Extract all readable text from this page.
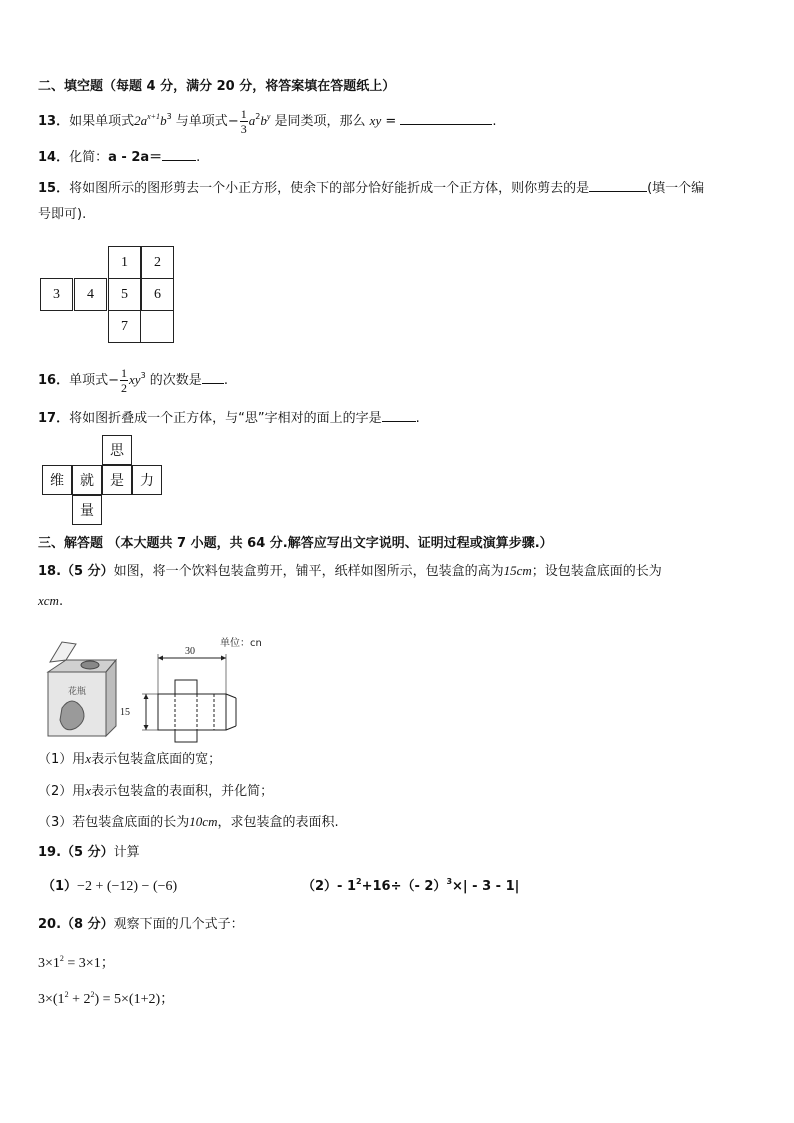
二、填空题（每题 4 分，满分 20 分，将答案填在答题纸上）
13．如果单项式$2a^{x+1}b^3$ 与单项式− $\frac{1}{3} a^2b^y$ 是同类项，那么 xy =	.
14．化简：a - 2a＝	.
15．将如图所示的图形剪去一个小正方形，使余下的部分恰好能折成一个正方体，则你剪去的是	(填一个编
号即可).
1	2
3	4	5	6
7
16．单项式− $\frac{1}{2} xy^3$ 的次数是 .
17．将如图折叠成一个正方体，与“思”字相对的面上的字是	.
思
维	就	是	力
量
三、解答题 （本大题共 7 小题，共 64 分.解答应写出文字说明、证明过程或演算步骤.）
18.（5 分）如图，将一个饮料包装盒剪开，铺平，纸样如图所示，包装盒的高为15cm；设包装盒底面的长为
xcm.
花瓶
单位：cn
30
15
（1）用x表示包装盒底面的宽；
（2）用x表示包装盒的表面积，并化简；
（3）若包装盒底面的长为10cm，求包装盒的表面积.
19.（5 分）计算
（1）−2 + (−12) − (−6)	（2）- $1^2+16\div(-$ 2）$^3$×| - 3 - 1|
20.（8 分）观察下面的几个式子：
$3\times 1^2 = 3\times 1$；
$3\times(1^2 + 2^2) = 5\times(1+2)$；
